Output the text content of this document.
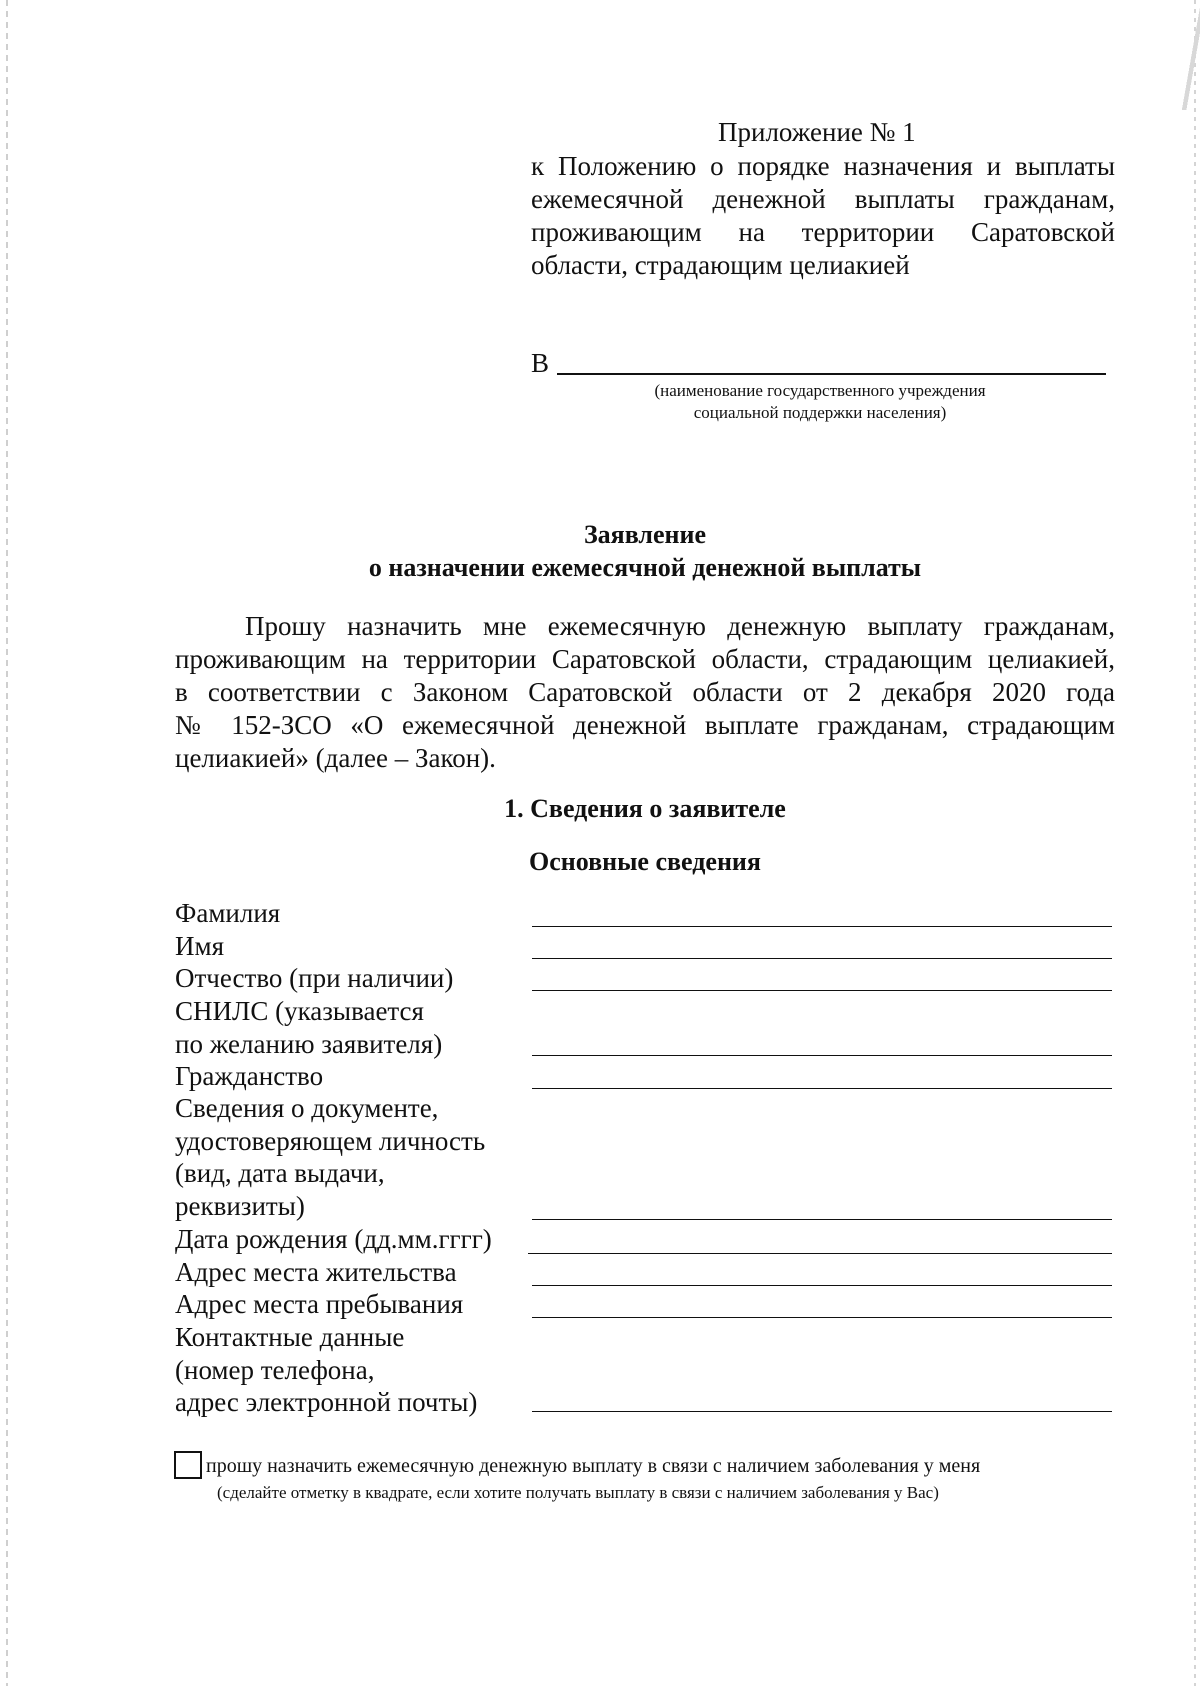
Приложение № 1
к Положению о порядке назначения и выплаты
ежемесячной денежной выплаты гражданам,
проживающим на территории Саратовской
области, страдающим целиакией
В
(наименование государственного учреждения
социальной поддержки населения)
Заявление
о назначении ежемесячной денежной выплаты
Прошу назначить мне ежемесячную денежную выплату гражданам,
проживающим на территории Саратовской области, страдающим целиакией,
в соответствии с Законом Саратовской области от 2 декабря 2020 года
№ 152-ЗСО «О ежемесячной денежной выплате гражданам, страдающим
целиакией» (далее – Закон).
1. Сведения о заявителе
Основные сведения
Фамилия
Имя
Отчество (при наличии)
СНИЛС (указывается
по желанию заявителя)
Гражданство
Сведения о документе,
удостоверяющем личность
(вид, дата выдачи,
реквизиты)
Дата рождения (дд.мм.гггг)
Адрес места жительства
Адрес места пребывания
Контактные данные
(номер телефона,
адрес электронной почты)
прошу назначить ежемесячную денежную выплату в связи с наличием заболевания у меня
(сделайте отметку в квадрате, если хотите получать выплату в связи с наличием заболевания у Вас)
